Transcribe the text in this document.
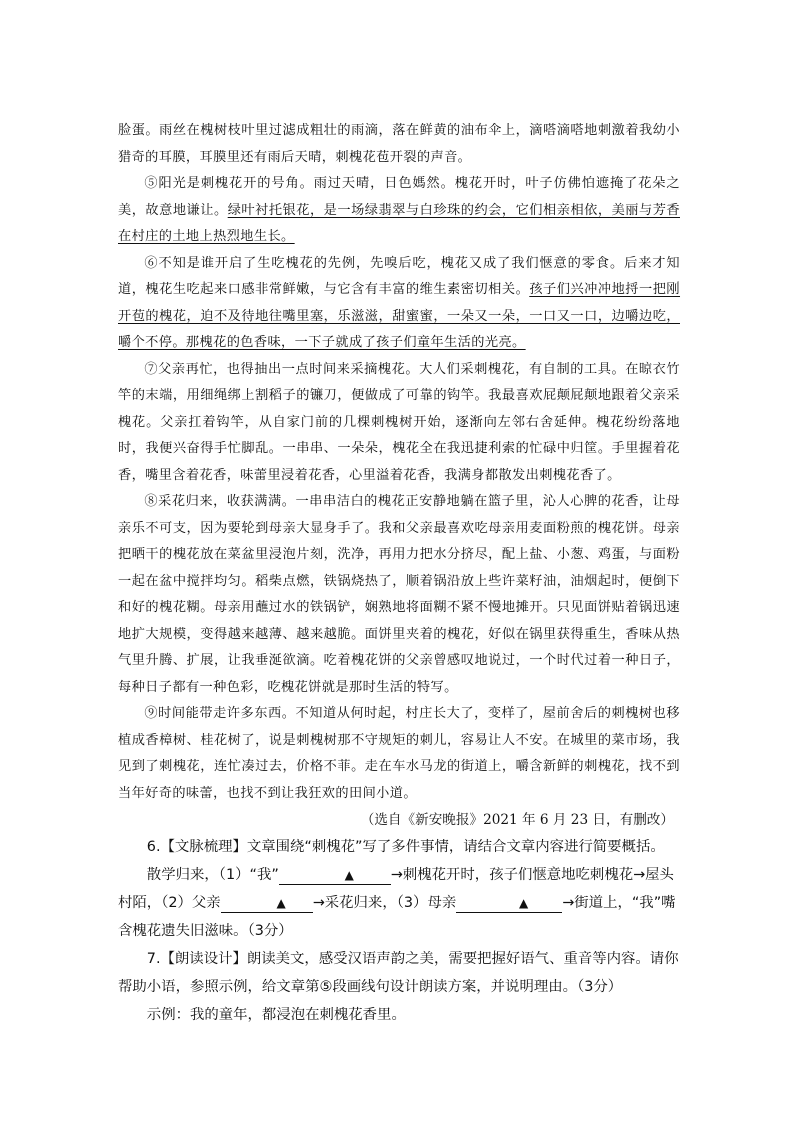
脸蛋。雨丝在槐树枝叶里过滤成粗壮的雨滴，落在鲜黄的油布伞上，滴嗒滴嗒地刺激着我幼小猎奇的耳膜，耳膜里还有雨后天晴，刺槐花苞开裂的声音。

⑤阳光是刺槐花开的号角。雨过天晴，日色媽然。槐花开时，叶子仿佛怕遮掩了花朵之美，故意地谦让。绿叶衬托银花，是一场绿翡翠与白珍珠的约会，它们相亲相依，美丽与芳香在村庄的土地上热烈地生长。

⑥不知是谁开启了生吃槐花的先例，先嗅后吃，槐花又成了我们惬意的零食。后来才知道，槐花生吃起来口感非常鲜嫩，与它含有丰富的维生素密切相关。孩子们兴冲冲地捋一把刚开苞的槐花，迫不及待地往嘴里塞，乐滋滋，甜蜜蜜，一朵又一朵，一口又一口，边嚼边吃，嚼个不停。那槐花的色香味，一下子就成了孩子们童年生活的光亮。

⑦父亲再忙，也得抽出一点时间来采摘槐花。大人们采刺槐花，有自制的工具。在晾衣竹竿的末端，用细绳绑上割稻子的镰刀，便做成了可靠的钩竿。我最喜欢屁颠屁颠地跟着父亲采槐花。父亲扛着钩竿，从自家门前的几棵刺槐树开始，逐渐向左邻右舍延伸。槐花纷纷落地时，我便兴奋得手忙脚乱。一串串、一朵朵，槐花全在我迅捷利索的忙碌中归筐。手里握着花香，嘴里含着花香，味蕾里浸着花香，心里溢着花香，我满身都散发出刺槐花香了。

⑧采花归来，收获满满。一串串洁白的槐花正安静地躺在篮子里，沁人心脾的花香，让母亲乐不可支，因为要轮到母亲大显身手了。我和父亲最喜欢吃母亲用麦面粉煎的槐花饼。母亲把晒干的槐花放在菜盆里浸泡片刻，洗净，再用力把水分挤尽，配上盐、小葱、鸡蛋，与面粉一起在盆中搅拌均匀。稻柴点燃，铁锅烧热了，顺着锅沿放上些许菜籽油，油烟起时，便倒下和好的槐花糊。母亲用蘸过水的铁锅铲，娴熟地将面糊不紧不慢地摊开。只见面饼贴着锅迅速地扩大规模，变得越来越薄、越来越脆。面饼里夹着的槐花，好似在锅里获得重生，香味从热气里升腾、扩展，让我垂涎欲滴。吃着槐花饼的父亲曾感叹地说过，一个时代过着一种日子，每种日子都有一种色彩，吃槐花饼就是那时生活的特写。

⑨时间能带走许多东西。不知道从何时起，村庄长大了，变样了，屋前舍后的刺槐树也移植成香樟树、桂花树了，说是刺槐树那不守规矩的刺儿，容易让人不安。在城里的菜市场，我见到了刺槐花，连忙凑过去，价格不菲。走在车水马龙的街道上，嚼含新鲜的刺槐花，找不到当年好奇的味蕾，也找不到让我狂欢的田间小道。

（选自《新安晚报》2021 年 6 月 23 日，有删改）

6.【文脉梳理】文章围绕“刺槐花”写了多件事情，请结合文章内容进行简要概括。

散学归来，（1）“我”	▲	→刺槐花开时，孩子们惬意地吃刺槐花→屋头村陌，（2）父亲	▲ →采花归来，（3）母亲	▲ →街道上，“我”嘴含槐花遗失旧滋味。（3分）

7.【朗读设计】朗读美文，感受汉语声韵之美，需要把握好语气、重音等内容。请你帮助小语，参照示例，给文章第⑤段画线句设计朗读方案，并说明理由。（3分）

示例：我的童年，都浸泡在刺槐花香里。
